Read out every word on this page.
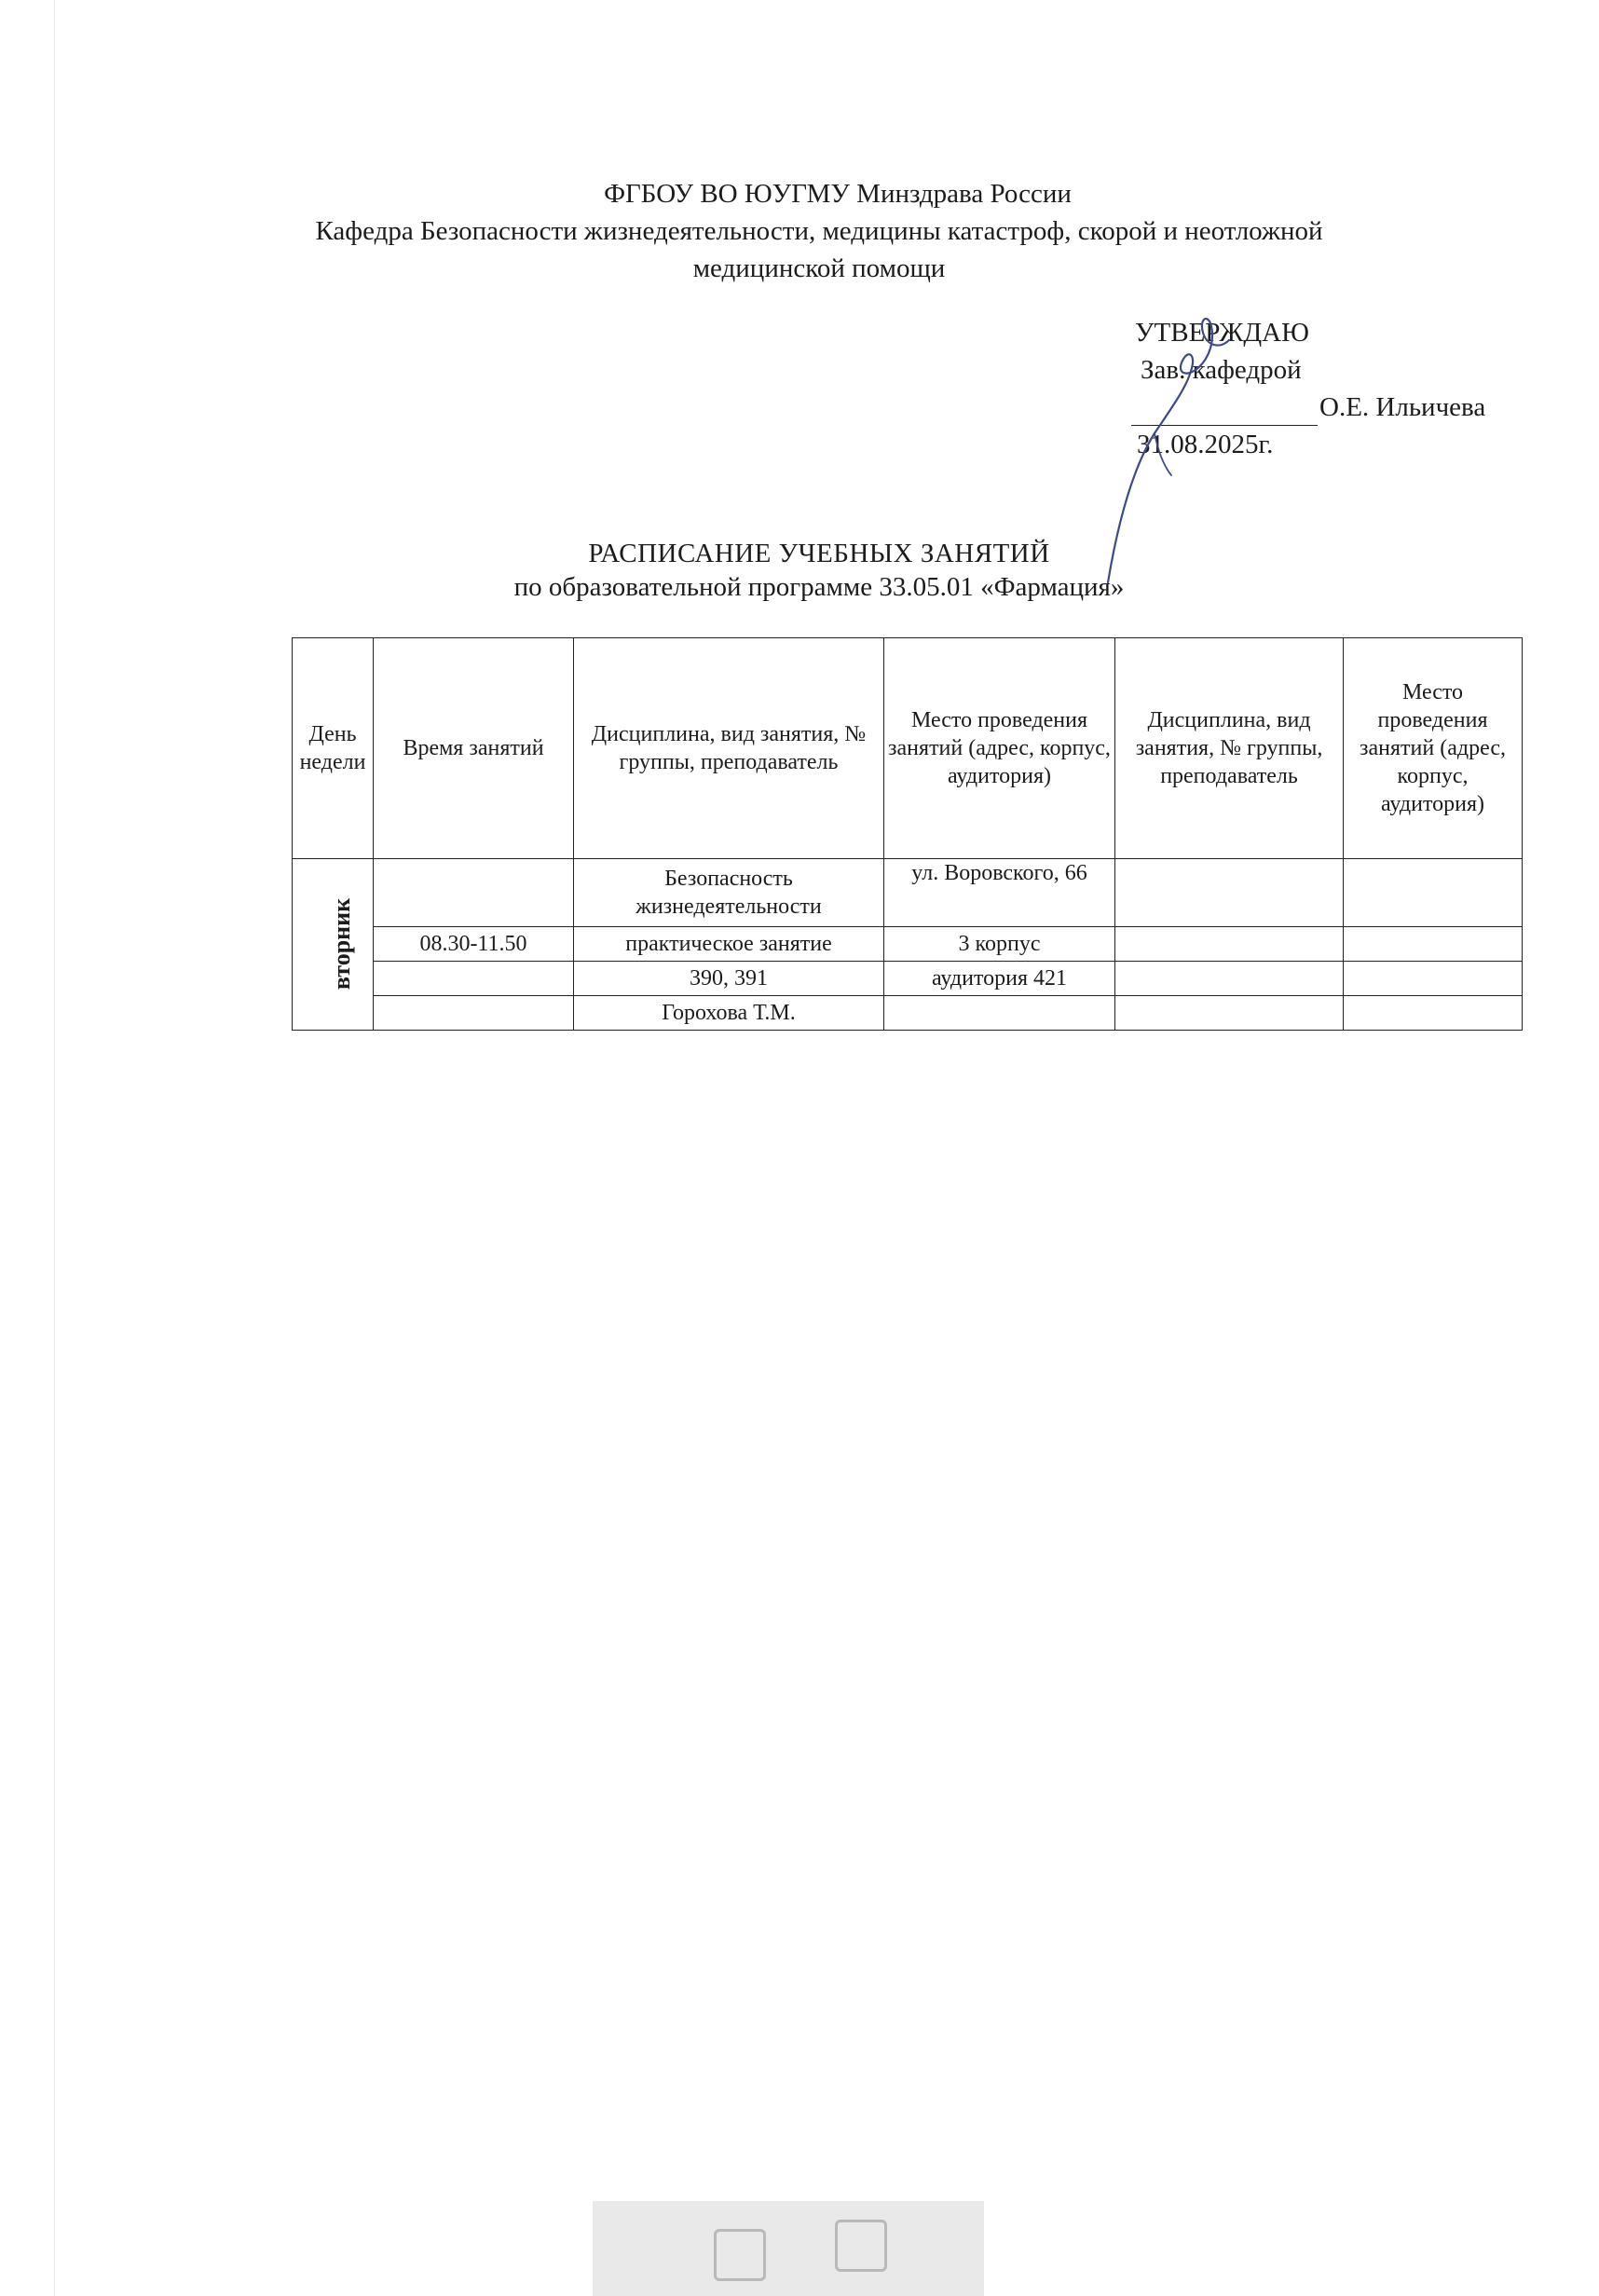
ФГБОУ ВО ЮУГМУ Минздрава России
Кафедра Безопасности жизнедеятельности, медицины катастроф, скорой и неотложной
медицинской помощи
УТВЕРЖДАЮ
Зав. кафедрой
О.Е. Ильичева
31.08.2025г.
РАСПИСАНИЕ УЧЕБНЫХ ЗАНЯТИЙ
по образовательной программе 33.05.01 «Фармация»
День недели	Время занятий	Дисциплина, вид занятия, № группы, преподаватель	Место проведения занятий (адрес, корпус, аудитория)	Дисциплина, вид занятия, № группы, преподаватель	Место проведения занятий (адрес, корпус, аудитория)
вторник		Безопасность жизнедеятельности	ул. Воровского, 66		
	08.30-11.50	практическое занятие	3 корпус		
		390, 391	аудитория 421		
		Горохова Т.М.			
